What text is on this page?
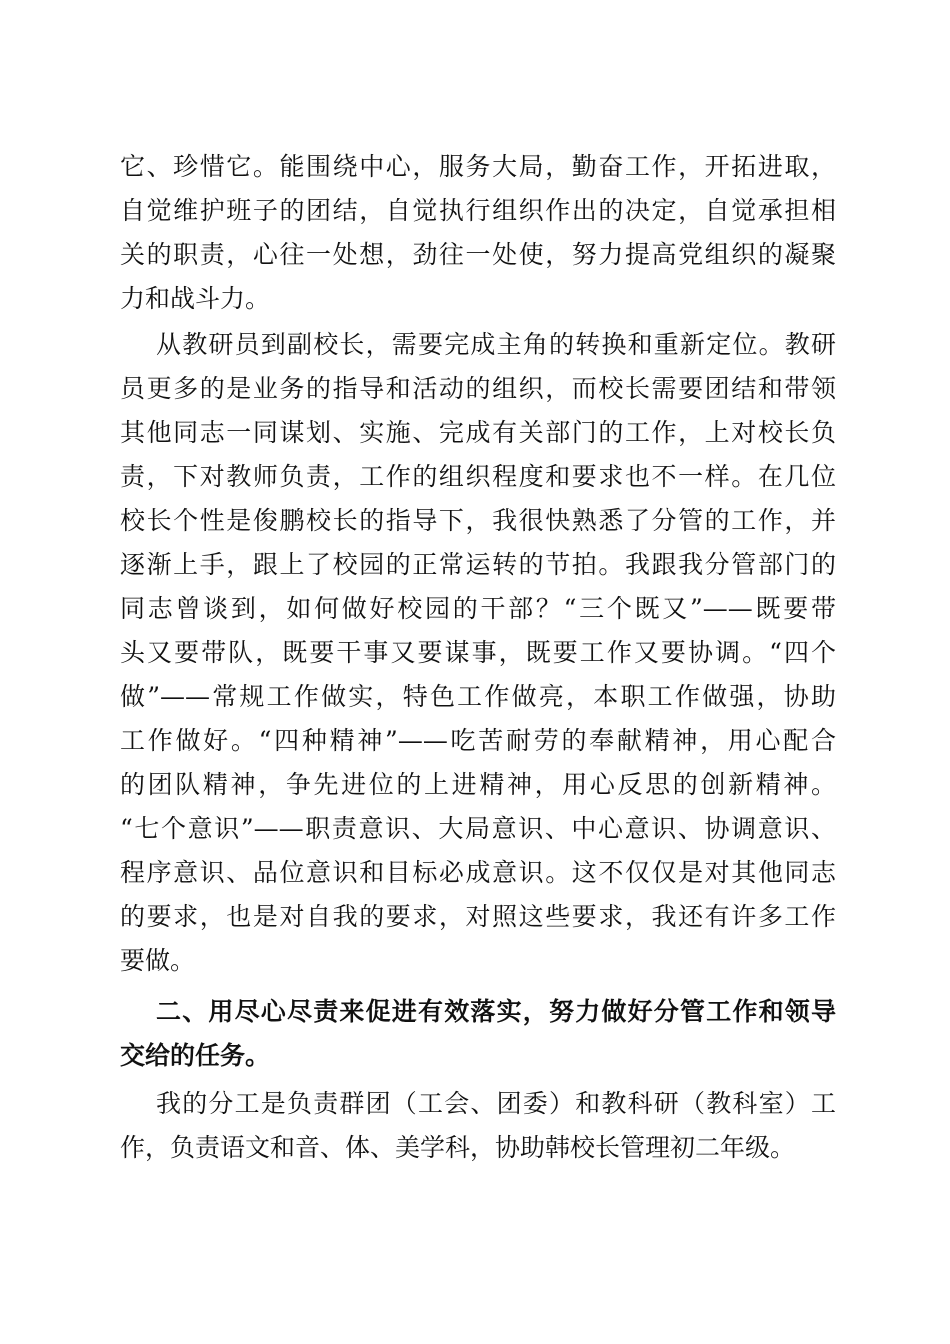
它、珍惜它。能围绕中心，服务大局，勤奋工作，开拓进取，
自觉维护班子的团结，自觉执行组织作出的决定，自觉承担相
关的职责，心往一处想，劲往一处使，努力提高党组织的凝聚
力和战斗力。
从教研员到副校长，需要完成主角的转换和重新定位。教研
员更多的是业务的指导和活动的组织，而校长需要团结和带领
其他同志一同谋划、实施、完成有关部门的工作，上对校长负
责，下对教师负责，工作的组织程度和要求也不一样。在几位
校长个性是俊鹏校长的指导下，我很快熟悉了分管的工作，并
逐渐上手，跟上了校园的正常运转的节拍。我跟我分管部门的
同志曾谈到，如何做好校园的干部？“三个既又”——既要带
头又要带队，既要干事又要谋事，既要工作又要协调。“四个
做”——常规工作做实，特色工作做亮，本职工作做强，协助
工作做好。“四种精神”——吃苦耐劳的奉献精神，用心配合
的团队精神，争先进位的上进精神，用心反思的创新精神。
“七个意识”——职责意识、大局意识、中心意识、协调意识、
程序意识、品位意识和目标必成意识。这不仅仅是对其他同志
的要求，也是对自我的要求，对照这些要求，我还有许多工作
要做。
二、用尽心尽责来促进有效落实，努力做好分管工作和领导
交给的任务。
我的分工是负责群团（工会、团委）和教科研（教科室）工
作，负责语文和音、体、美学科，协助韩校长管理初二年级。
